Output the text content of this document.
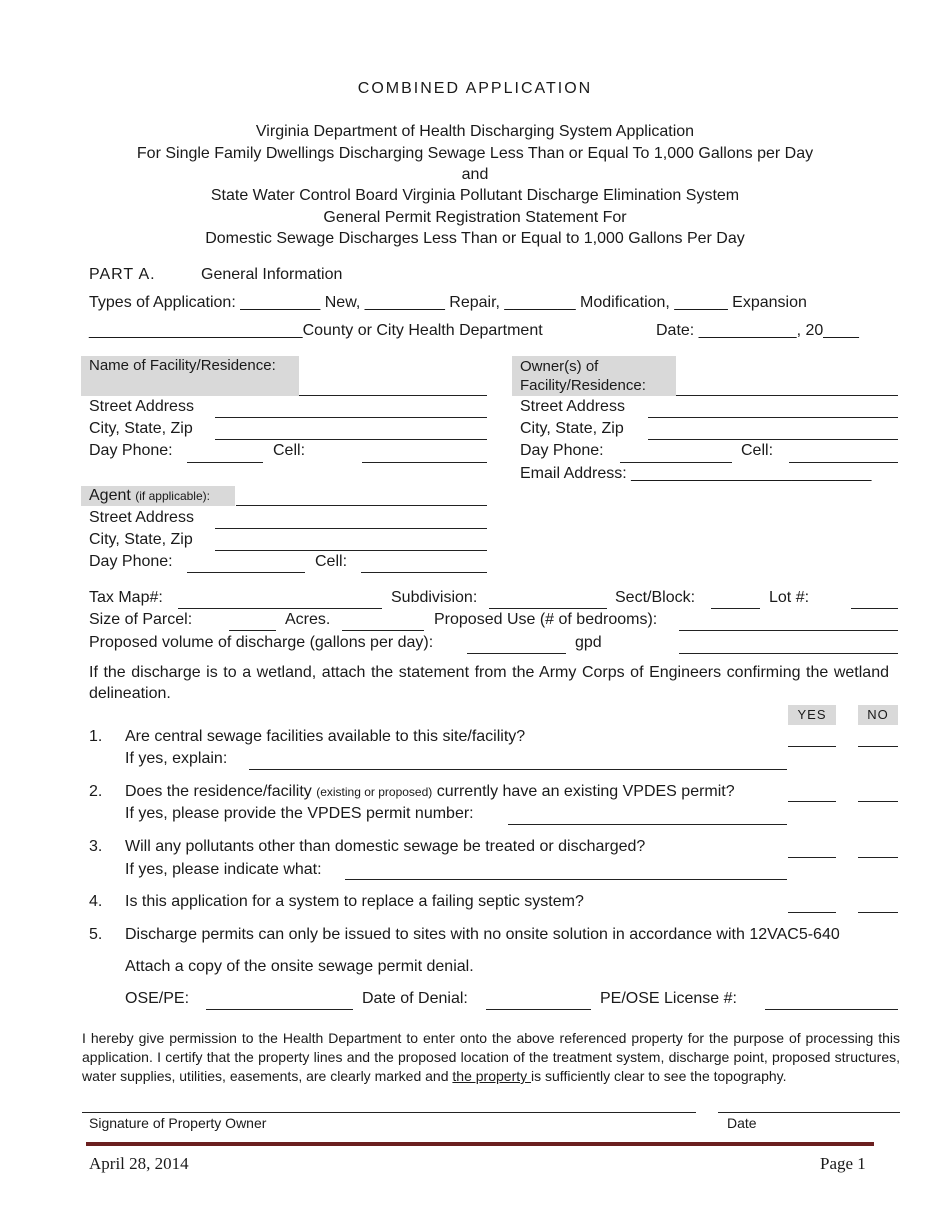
COMBINED APPLICATION
Virginia Department of Health Discharging System Application
For Single Family Dwellings Discharging Sewage Less Than or Equal To 1,000 Gallons per Day
and
State Water Control Board Virginia Pollutant Discharge Elimination System
General Permit Registration Statement For
Domestic Sewage Discharges Less Than or Equal to 1,000 Gallons Per Day
PART A.	General Information
Types of Application: _________ New, _________ Repair, ________ Modification, ______ Expansion
________________________County or City Health Department	Date: ___________, 20____
Name of Facility/Residence:
Street Address
City, State, Zip
Day Phone:	Cell:
Owner(s) of
Facility/Residence:
Street Address
City, State, Zip
Day Phone:	Cell:
Email Address: ___________________________
Agent (if applicable):
Street Address
City, State, Zip
Day Phone:	Cell:
Tax Map#:	Subdivision:	Sect/Block:	Lot #:
Size of Parcel:	Acres.	Proposed Use (# of bedrooms):
Proposed volume of discharge (gallons per day):	gpd
If the discharge is to a wetland, attach the statement from the Army Corps of Engineers confirming the wetland delineation.
YES	NO
1. Are central sewage facilities available to this site/facility?
If yes, explain:
2. Does the residence/facility (existing or proposed) currently have an existing VPDES permit?
If yes, please provide the VPDES permit number:
3. Will any pollutants other than domestic sewage be treated or discharged?
If yes, please indicate what:
4. Is this application for a system to replace a failing septic system?
5. Discharge permits can only be issued to sites with no onsite solution in accordance with 12VAC5-640
Attach a copy of the onsite sewage permit denial.
OSE/PE:	Date of Denial:	PE/OSE License #:
I hereby give permission to the Health Department to enter onto the above referenced property for the purpose of processing this application. I certify that the property lines and the proposed location of the treatment system, discharge point, proposed structures, water supplies, utilities, easements, are clearly marked and the property is sufficiently clear to see the topography.
Signature of Property Owner	Date
April 28, 2014	Page 1
